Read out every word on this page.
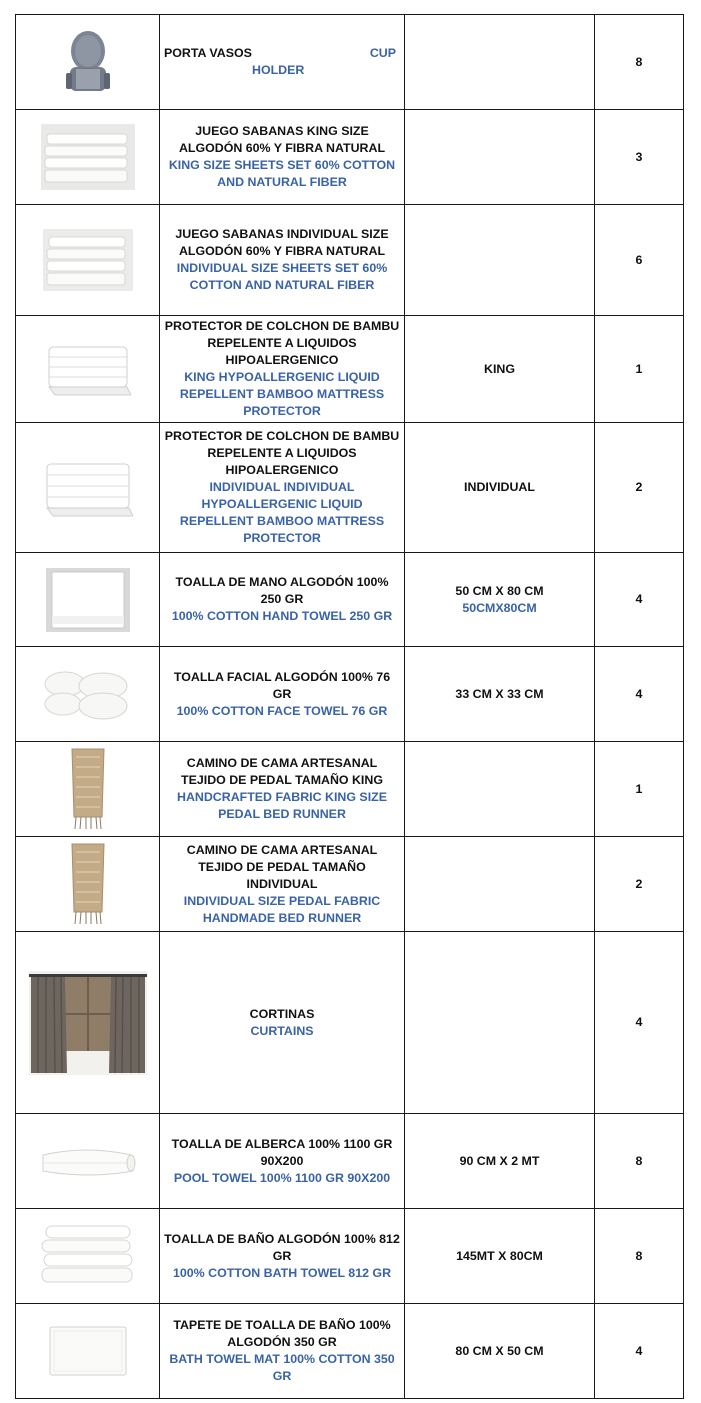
PORTA VASOS CUP
HOLDER		8

JUEGO SABANAS KING SIZE ALGODÓN 60% Y FIBRA NATURAL
KING SIZE SHEETS SET 60% COTTON AND NATURAL FIBER		3

JUEGO SABANAS INDIVIDUAL SIZE ALGODÓN 60% Y FIBRA NATURAL
INDIVIDUAL SIZE SHEETS SET 60% COTTON AND NATURAL FIBER		6

PROTECTOR DE COLCHON DE BAMBU REPELENTE A LIQUIDOS HIPOALERGENICO
KING HYPOALLERGENIC LIQUID REPELLENT BAMBOO MATTRESS PROTECTOR	KING	1

PROTECTOR DE COLCHON DE BAMBU REPELENTE A LIQUIDOS HIPOALERGENICO
INDIVIDUAL INDIVIDUAL HYPOALLERGENIC LIQUID REPELLENT BAMBOO MATTRESS PROTECTOR	INDIVIDUAL	2

TOALLA DE MANO ALGODÓN 100% 250 GR
100% COTTON HAND TOWEL 250 GR	50 CM X 80 CM
50CMX80CM	4

TOALLA FACIAL ALGODÓN 100% 76 GR
100% COTTON FACE TOWEL 76 GR	33 CM X 33 CM	4

CAMINO DE CAMA ARTESANAL TEJIDO DE PEDAL TAMAÑO KING
HANDCRAFTED FABRIC KING SIZE PEDAL BED RUNNER		1

CAMINO DE CAMA ARTESANAL TEJIDO DE PEDAL TAMAÑO INDIVIDUAL
INDIVIDUAL SIZE PEDAL FABRIC HANDMADE BED RUNNER		2

CORTINAS
CURTAINS		4

TOALLA DE ALBERCA 100% 1100 GR 90X200
POOL TOWEL 100% 1100 GR 90X200	90 CM X 2 MT	8

TOALLA DE BAÑO ALGODÓN 100% 812 GR
100% COTTON BATH TOWEL 812 GR	145MT X 80CM	8

TAPETE DE TOALLA DE BAÑO 100% ALGODÓN 350 GR
BATH TOWEL MAT 100% COTTON 350 GR	80 CM X 50 CM	4
